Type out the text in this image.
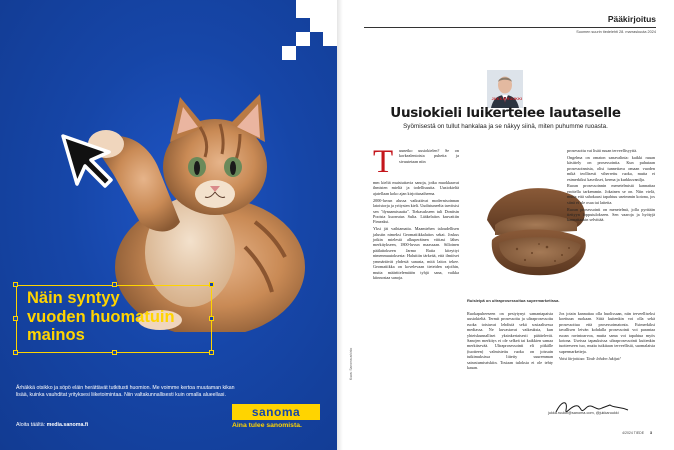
Näin syntyy
vuoden huomatuin
mainos
Ärhäkkä otsikko ja söpö eläin herättävät tutkitusti huomion. Me voimme kertoa muutaman kikan lisää, kuinka vauhditat yrityksesi liiketoimintaa. Niin valtakunnallisesti kuin omalla alueellasi.
Aloita täältä: media.sanoma.fi
sanoma
Aina tulee sanomista.
Kuva: Sanoma arkisto
Pääkirjoitus
Suomen suurin tiedelehti 28. marraskuuta 2024
JUKKA RUUKKI
Uusiokieli luikertelee lautaselle
Syömisestä on tullut hankalaa ja se näkyy siinä, miten puhumme ruoasta.
T uunetko uusiokielen? Se on korkealentoista puhetta ja sivuutetaan niin

mm kieltä muistuttavia sanoja, jotka muokkaavat ihmisten mieliä ja todellisuutta. Uusiokieltä ajatellaan koko ajan kirjoitusaiheena.

2000-luvun alussa vaikuttivat modernisoinnan latoistorja ja yritysten kieli. Uudistuneelta tarvitsisi sen "dynaamisuutta". Tiekasukseen tuli Donitsin Pooista kuorrutus Sulta. Lääkelaitos kasvattiin Fimeaksi.

Yksi jäi vaihtamatta. Maamiehen taloudellisen jalustin nimeksi Geomatiikkalaitos sekai. Joskus jotkin mielestä alkuperäinen viittasi lähes merkitykseen, 1800-luvun maassaan. Silloinen päälaitokseen Jarmo Ratia kiteyttyi nimenmuutoksesta: Haluttiin tärkeää, että ilmiöset ymmärtävät yhdestä sanasta, mitä laitos tekee. Geomatiikka on kovelevaan tieteiden rajoihin, mutta määrittelemätön tyhjä sana, vaikka kiinnostaa sanoja.

Ruisleipä on ultraprosessoitua supermarketissa.

prosessoitu vai lisää ruuan terveellisyyttä.

Ongelma on omaton sanavalinta: kaikki ruuan käsittely on prosessointia. Kun puhutaan prosessoinnista, olisi tunnettava omaan vuoden mikä teollisesti viherrettu ruoka, mutta ei esimerkiksi kasvikset, kerma ja kurkkuvanilja.

Ruoan prosessoinnin menetelmistä kannattaa eroitella tarkemmin. Jokainen se on. Niin vielä, mutta että sahokausi tapahtuu useimmin kotona, jos siinä ei ole osaa tai laitetta.

Ruoan prosessointi on menetelmä, jolla pyritään tiettyyn lopputulokseen. Sen vaaroja ja hyötyjä kannattaakin selvittää.

Ruokapuheeseen on pesiytynyt samantapaista uusiokieltä. Termit prosessoitu ja ultraprosessoitu ruoka toistuvat lehdistä sekä sosiaalisessa mediassa. Ne kuvastavat vaikeuksia, kun yhteiskunnalliset yksinkertaisesti päättelevät. Sanojen merkitys ei ole selkeä tai kaikkien samaa merkitsevää. Ultraprosessointi eli pitkälle (tuotteen) valmistettu ruoka on joissain tutkimuksissa liitetty suuremman sairastumisriskiin. Tosiaan tuloksia ei ole tehty kauan.

Jos jotain kannattaa olla huolissaan, niin terveelliseksi koettuun ruokaan. Siitä kuitenkin voi olla sekä prosessoitua että prosessoimatonta. Esimerkiksi tavallisen leivän kohdalla prosessointi voi parantaa ruoan ravintoarvoa, mutta sama voi tapahtua myös kotona. Useissa tapauksissa ultraprosessointi kuitenkin tuotteeseen tuo, mutta tutkitaan terveellisiä, suomalaisia supermarketteja.

Voisi kirjoittaa: Tiede lehden lukijat!

jukka.ruukki@sanoma.com, @jukkaruukki
4/2024 TIEDE 3
